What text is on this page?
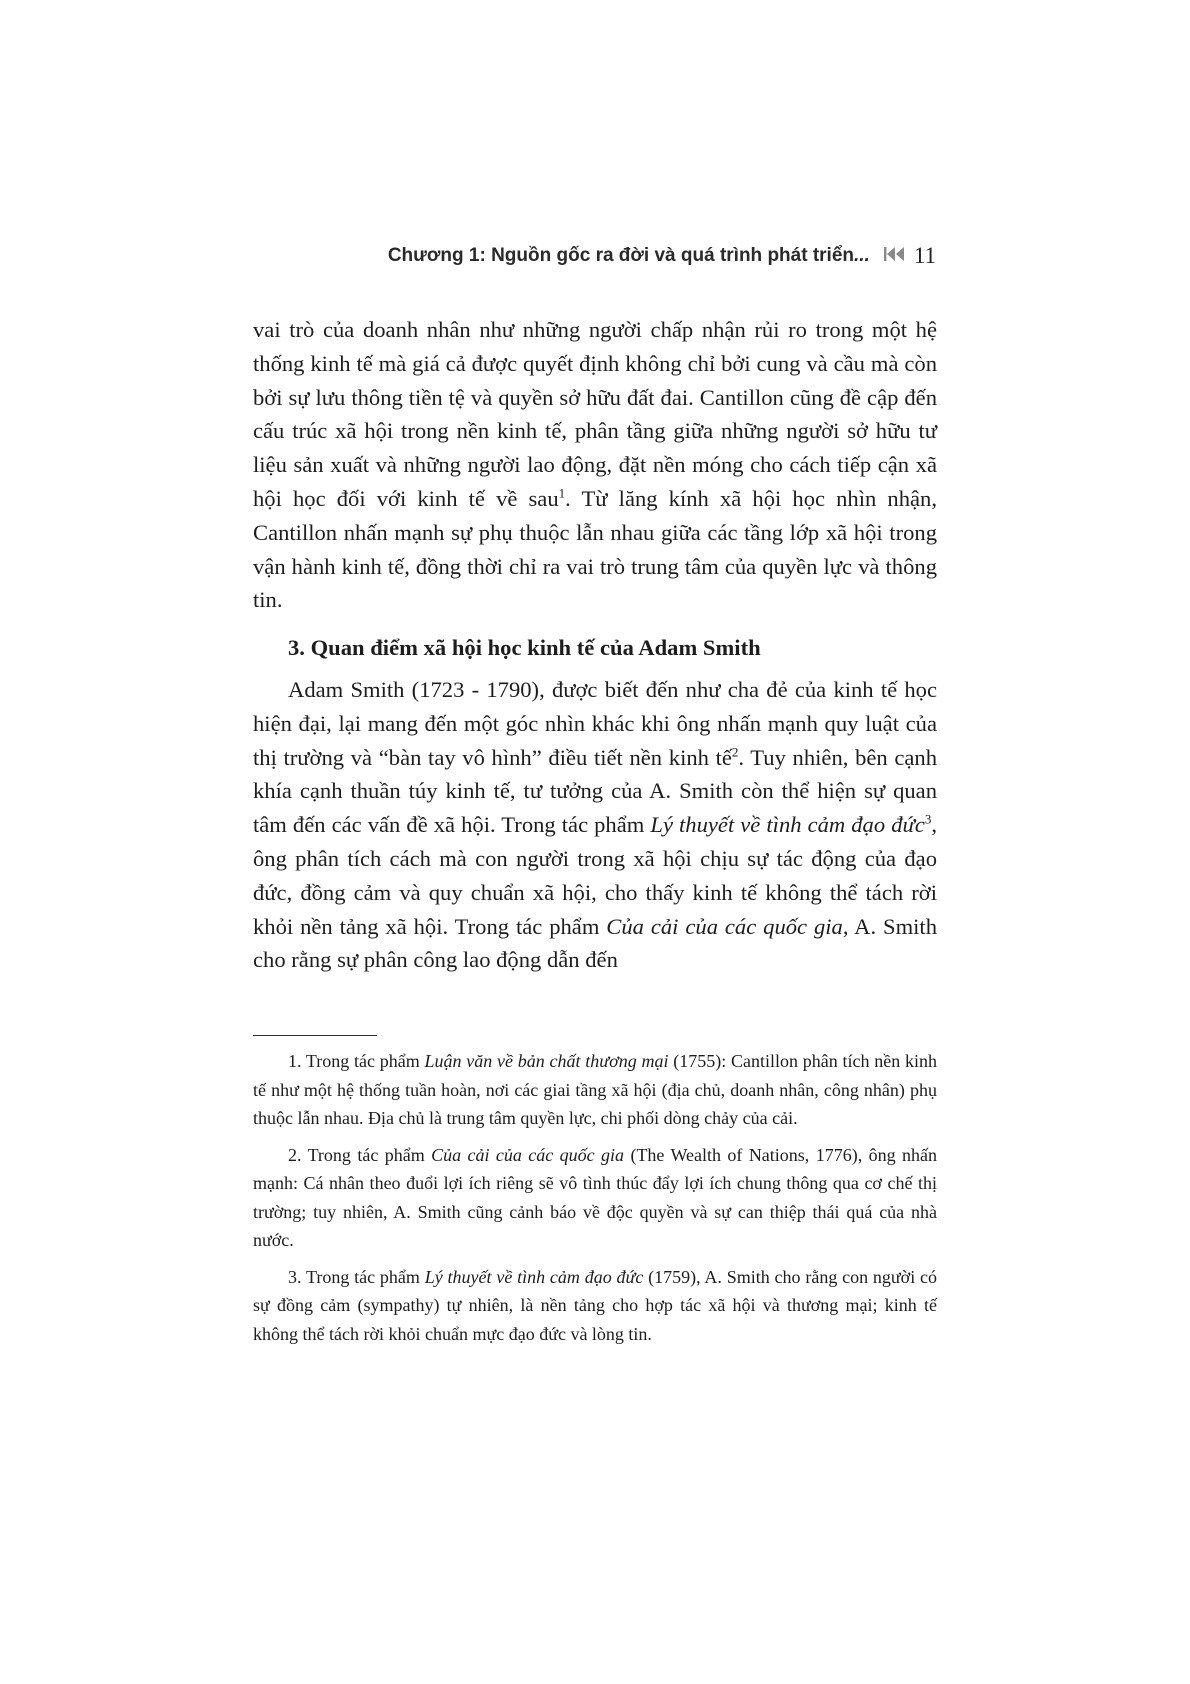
Chương 1: Nguồn gốc ra đời và quá trình phát triển... 11

vai trò của doanh nhân như những người chấp nhận rủi ro trong một hệ thống kinh tế mà giá cả được quyết định không chỉ bởi cung và cầu mà còn bởi sự lưu thông tiền tệ và quyền sở hữu đất đai. Cantillon cũng đề cập đến cấu trúc xã hội trong nền kinh tế, phân tầng giữa những người sở hữu tư liệu sản xuất và những người lao động, đặt nền móng cho cách tiếp cận xã hội học đối với kinh tế về sau$^1$. Từ lăng kính xã hội học nhìn nhận, Cantillon nhấn mạnh sự phụ thuộc lẫn nhau giữa các tầng lớp xã hội trong vận hành kinh tế, đồng thời chỉ ra vai trò trung tâm của quyền lực và thông tin.

3. Quan điểm xã hội học kinh tế của Adam Smith

Adam Smith (1723 - 1790), được biết đến như cha đẻ của kinh tế học hiện đại, lại mang đến một góc nhìn khác khi ông nhấn mạnh quy luật của thị trường và “bàn tay vô hình” điều tiết nền kinh tế$^2$. Tuy nhiên, bên cạnh khía cạnh thuần túy kinh tế, tư tưởng của A. Smith còn thể hiện sự quan tâm đến các vấn đề xã hội. Trong tác phẩm Lý thuyết về tình cảm đạo đức$^3$, ông phân tích cách mà con người trong xã hội chịu sự tác động của đạo đức, đồng cảm và quy chuẩn xã hội, cho thấy kinh tế không thể tách rời khỏi nền tảng xã hội. Trong tác phẩm Của cải của các quốc gia, A. Smith cho rằng sự phân công lao động dẫn đến

1. Trong tác phẩm Luận văn về bản chất thương mại (1755): Cantillon phân tích nền kinh tế như một hệ thống tuần hoàn, nơi các giai tầng xã hội (địa chủ, doanh nhân, công nhân) phụ thuộc lẫn nhau. Địa chủ là trung tâm quyền lực, chi phối dòng chảy của cải.

2. Trong tác phẩm Của cải của các quốc gia (The Wealth of Nations, 1776), ông nhấn mạnh: Cá nhân theo đuổi lợi ích riêng sẽ vô tình thúc đẩy lợi ích chung thông qua cơ chế thị trường; tuy nhiên, A. Smith cũng cảnh báo về độc quyền và sự can thiệp thái quá của nhà nước.

3. Trong tác phẩm Lý thuyết về tình cảm đạo đức (1759), A. Smith cho rằng con người có sự đồng cảm (sympathy) tự nhiên, là nền tảng cho hợp tác xã hội và thương mại; kinh tế không thể tách rời khỏi chuẩn mực đạo đức và lòng tin.
